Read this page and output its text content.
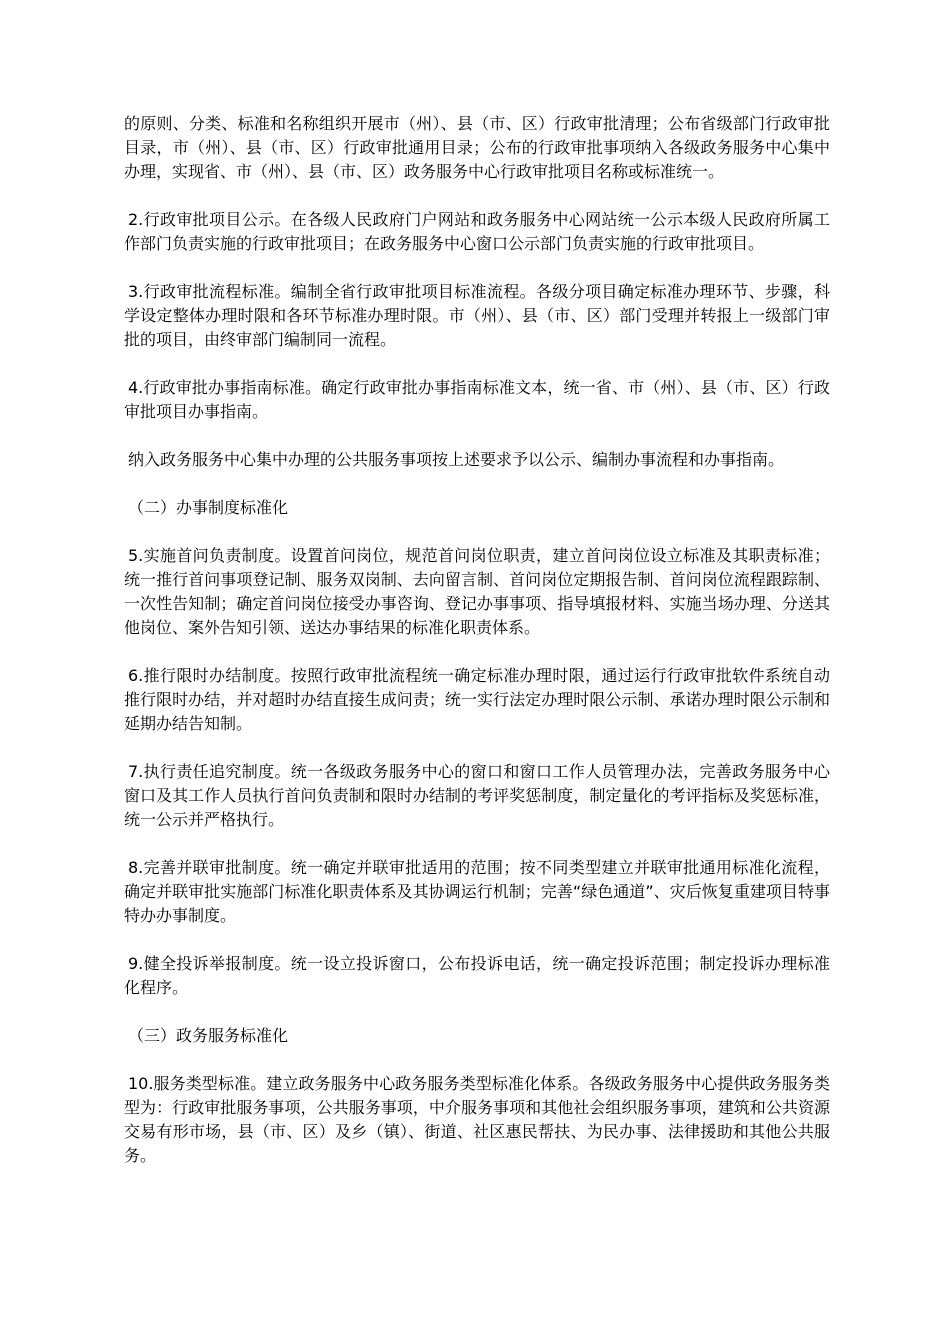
的原则、分类、标准和名称组织开展市（州）、县（市、区）行政审批清理；公布省级部门行政审批目录，市（州）、县（市、区）行政审批通用目录；公布的行政审批事项纳入各级政务服务中心集中办理，实现省、市（州）、县（市、区）政务服务中心行政审批项目名称或标准统一。

2.行政审批项目公示。在各级人民政府门户网站和政务服务中心网站统一公示本级人民政府所属工作部门负责实施的行政审批项目；在政务服务中心窗口公示部门负责实施的行政审批项目。

3.行政审批流程标准。编制全省行政审批项目标准流程。各级分项目确定标准办理环节、步骤，科学设定整体办理时限和各环节标准办理时限。市（州）、县（市、区）部门受理并转报上一级部门审批的项目，由终审部门编制同一流程。

4.行政审批办事指南标准。确定行政审批办事指南标准文本，统一省、市（州）、县（市、区）行政审批项目办事指南。

纳入政务服务中心集中办理的公共服务事项按上述要求予以公示、编制办事流程和办事指南。

（二）办事制度标准化

5.实施首问负责制度。设置首问岗位，规范首问岗位职责，建立首问岗位设立标准及其职责标准；统一推行首问事项登记制、服务双岗制、去向留言制、首问岗位定期报告制、首问岗位流程跟踪制、一次性告知制；确定首问岗位接受办事咨询、登记办事事项、指导填报材料、实施当场办理、分送其他岗位、案外告知引领、送达办事结果的标准化职责体系。

6.推行限时办结制度。按照行政审批流程统一确定标准办理时限，通过运行行政审批软件系统自动推行限时办结，并对超时办结直接生成问责；统一实行法定办理时限公示制、承诺办理时限公示制和延期办结告知制。

7.执行责任追究制度。统一各级政务服务中心的窗口和窗口工作人员管理办法，完善政务服务中心窗口及其工作人员执行首问负责制和限时办结制的考评奖惩制度，制定量化的考评指标及奖惩标准，统一公示并严格执行。

8.完善并联审批制度。统一确定并联审批适用的范围；按不同类型建立并联审批通用标准化流程，确定并联审批实施部门标准化职责体系及其协调运行机制；完善“绿色通道”、灾后恢复重建项目特事特办办事制度。

9.健全投诉举报制度。统一设立投诉窗口，公布投诉电话，统一确定投诉范围；制定投诉办理标准化程序。

（三）政务服务标准化

10.服务类型标准。建立政务服务中心政务服务类型标准化体系。各级政务服务中心提供政务服务类型为：行政审批服务事项，公共服务事项，中介服务事项和其他社会组织服务事项，建筑和公共资源交易有形市场，县（市、区）及乡（镇）、街道、社区惠民帮扶、为民办事、法律援助和其他公共服务。
